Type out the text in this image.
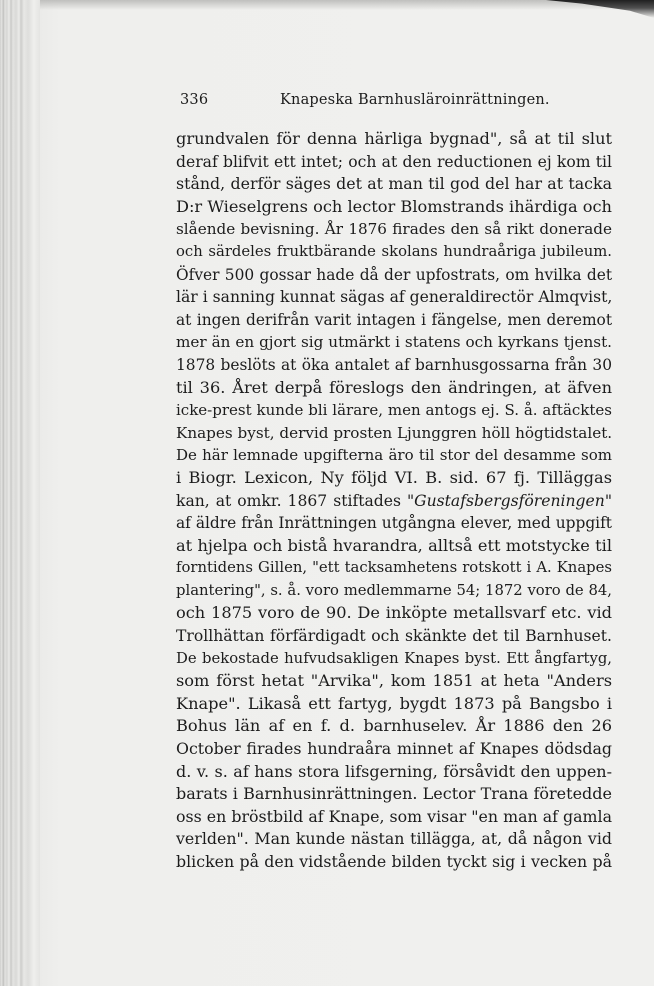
336	Knapeska Barnhusläroinrättningen.
grundvalen för denna härliga bygnad", så at til slut
deraf blifvit ett intet; och at den reductionen ej kom til
stånd, derför säges det at man til god del har at tacka
D:r Wieselgrens och lector Blomstrands ihärdiga och
slående bevisning. År 1876 firades den så rikt donerade
och särdeles fruktbärande skolans hundraåriga jubileum.
Öfver 500 gossar hade då der upfostrats, om hvilka det
lär i sanning kunnat sägas af generaldirectör Almqvist,
at ingen derifrån varit intagen i fängelse, men deremot
mer än en gjort sig utmärkt i statens och kyrkans tjenst.
1878 beslöts at öka antalet af barnhusgossarna från 30
til 36. Året derpå föreslogs den ändringen, at äfven
icke-prest kunde bli lärare, men antogs ej. S. å. aftäcktes
Knapes byst, dervid prosten Ljunggren höll högtidstalet.
De här lemnade upgifterna äro til stor del desamme som
i Biogr. Lexicon, Ny följd VI. B. sid. 67 fj. Tilläggas
kan, at omkr. 1867 stiftades "Gustafsbergsföreningen"
af äldre från Inrättningen utgångna elever, med uppgift
at hjelpa och bistå hvarandra, alltså ett motstycke til
forntidens Gillen, "ett tacksamhetens rotskott i A. Knapes
plantering", s. å. voro medlemmarne 54; 1872 voro de 84,
och 1875 voro de 90. De inköpte metallsvarf etc. vid
Trollhättan förfärdigadt och skänkte det til Barnhuset.
De bekostade hufvudsakligen Knapes byst. Ett ångfartyg,
som först hetat "Arvika", kom 1851 at heta "Anders
Knape". Likaså ett fartyg, bygdt 1873 på Bangsbo i
Bohus län af en f. d. barnhuselev. År 1886 den 26
October firades hundraåra minnet af Knapes dödsdag
d. v. s. af hans stora lifsgerning, försåvidt den uppen-
barats i Barnhusinrättningen. Lector Trana företedde
oss en bröstbild af Knape, som visar "en man af gamla
verlden". Man kunde nästan tillägga, at, då någon vid
blicken på den vidstående bilden tyckt sig i vecken på
